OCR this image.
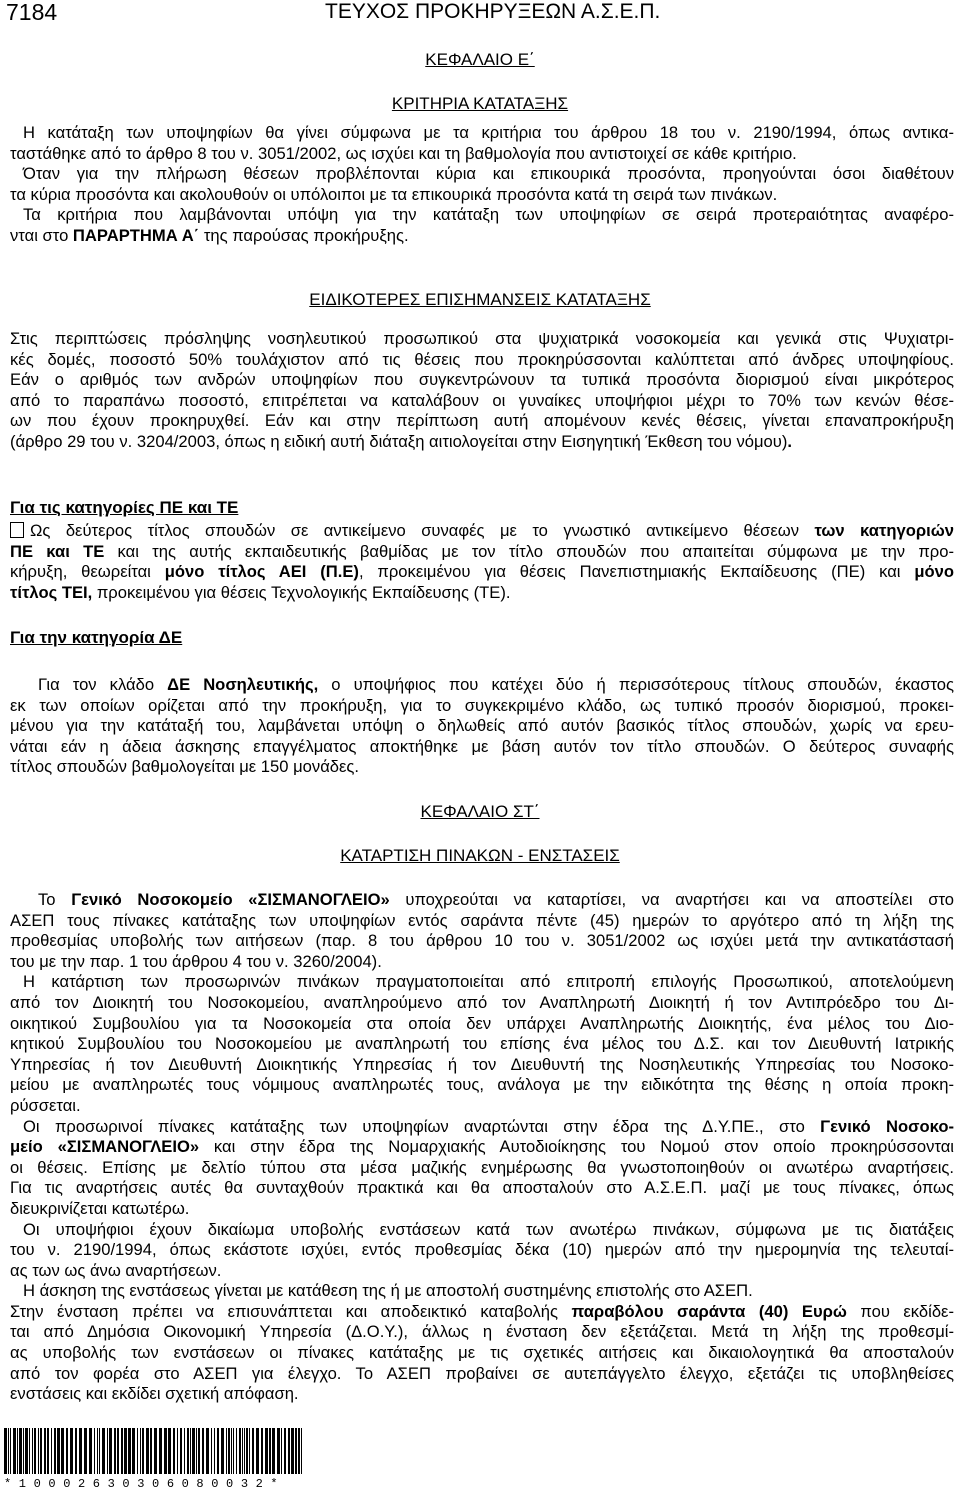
7184	ΤΕΥΧΟΣ ΠΡΟΚΗΡΥΞΕΩΝ Α.Σ.Ε.Π.
ΚΕΦΑΛΑΙΟ Ε΄
ΚΡΙΤΗΡΙΑ ΚΑΤΑΤΑΞΗΣ
Η κατάταξη των υποψηφίων θα γίνει σύμφωνα με τα κριτήρια του άρθρου 18 του ν. 2190/1994, όπως αντικα-
ταστάθηκε από το άρθρο 8 του ν. 3051/2002, ως ισχύει και τη βαθμολογία που αντιστοιχεί σε κάθε κριτήριο.
Όταν για την πλήρωση θέσεων προβλέπονται κύρια και επικουρικά προσόντα, προηγούνται όσοι διαθέτουν
τα κύρια προσόντα και ακολουθούν οι υπόλοιποι με τα επικουρικά προσόντα κατά τη σειρά των πινάκων.
Τα κριτήρια που λαμβάνονται υπόψη για την κατάταξη των υποψηφίων σε σειρά προτεραιότητας αναφέρο-
νται στο ΠΑΡΑΡΤΗΜΑ Α΄ της παρούσας προκήρυξης.
ΕΙΔΙΚΟΤΕΡΕΣ ΕΠΙΣΗΜΑΝΣΕΙΣ ΚΑΤΑΤΑΞΗΣ
Στις περιπτώσεις πρόσληψης νοσηλευτικού προσωπικού στα ψυχιατρικά νοσοκομεία και γενικά στις Ψυχιατρι-
κές δομές, ποσοστό 50% τουλάχιστον από τις θέσεις που προκηρύσσονται καλύπτεται από άνδρες υποψηφίους.
Εάν ο αριθμός των ανδρών υποψηφίων που συγκεντρώνουν τα τυπικά προσόντα διορισμού είναι μικρότερος
από το παραπάνω ποσοστό, επιτρέπεται να καταλάβουν οι γυναίκες υποψήφιοι μέχρι το 70% των κενών θέσε-
ων που έχουν προκηρυχθεί. Εάν και στην περίπτωση αυτή απομένουν κενές θέσεις, γίνεται επαναπροκήρυξη
(άρθρο 29 του ν. 3204/2003, όπως η ειδική αυτή διάταξη αιτιολογείται στην Εισηγητική Έκθεση του νόμου).
Για τις κατηγορίες ΠΕ και ΤΕ
Ως δεύτερος τίτλος σπουδών σε αντικείμενο συναφές με το γνωστικό αντικείμενο θέσεων των κατηγοριών
ΠΕ και ΤΕ και της αυτής εκπαιδευτικής βαθμίδας με τον τίτλο σπουδών που απαιτείται σύμφωνα με την προ-
κήρυξη, θεωρείται μόνο τίτλος ΑΕΙ (Π.Ε), προκειμένου για θέσεις Πανεπιστημιακής Εκπαίδευσης (ΠΕ) και μόνο
τίτλος ΤΕΙ, προκειμένου για θέσεις Τεχνολογικής Εκπαίδευσης (ΤΕ).
Για την κατηγορία ΔΕ
Για τον κλάδο ΔΕ Νοσηλευτικής, ο υποψήφιος που κατέχει δύο ή περισσότερους τίτλους σπουδών, έκαστος
εκ των οποίων ορίζεται από την προκήρυξη, για το συγκεκριμένο κλάδο, ως τυπικό προσόν διορισμού, προκει-
μένου για την κατάταξή του, λαμβάνεται υπόψη ο δηλωθείς από αυτόν βασικός τίτλος σπουδών, χωρίς να ερευ-
νάται εάν η άδεια άσκησης επαγγέλματος αποκτήθηκε με βάση αυτόν τον τίτλο σπουδών. Ο δεύτερος συναφής
τίτλος σπουδών βαθμολογείται με 150 μονάδες.
ΚΕΦΑΛΑΙΟ ΣΤ΄
ΚΑΤΑΡΤΙΣΗ ΠΙΝΑΚΩΝ - ΕΝΣΤΑΣΕΙΣ
Το Γενικό Νοσοκομείο «ΣΙΣΜΑΝΟΓΛΕΙΟ» υποχρεούται να καταρτίσει, να αναρτήσει και να αποστείλει στο
ΑΣΕΠ τους πίνακες κατάταξης των υποψηφίων εντός σαράντα πέντε (45) ημερών το αργότερο από τη λήξη της
προθεσμίας υποβολής των αιτήσεων (παρ. 8 του άρθρου 10 του ν. 3051/2002 ως ισχύει μετά την αντικατάστασή
του με την παρ. 1 του άρθρου 4 του ν. 3260/2004).
Η κατάρτιση των προσωρινών πινάκων πραγματοποιείται από επιτροπή επιλογής Προσωπικού, αποτελούμενη
από τον Διοικητή του Νοσοκομείου, αναπληρούμενο από τον Αναπληρωτή Διοικητή ή τον Αντιπρόεδρο του Δι-
οικητικού Συμβουλίου για τα Νοσοκομεία στα οποία δεν υπάρχει Αναπληρωτής Διοικητής, ένα μέλος του Διο-
κητικού Συμβουλίου του Νοσοκομείου με αναπληρωτή του επίσης ένα μέλος του Δ.Σ. και τον Διευθυντή Ιατρικής
Υπηρεσίας ή τον Διευθυντή Διοικητικής Υπηρεσίας ή τον Διευθυντή της Νοσηλευτικής Υπηρεσίας του Νοσοκο-
μείου με αναπληρωτές τους νόμιμους αναπληρωτές τους, ανάλογα με την ειδικότητα της θέσης η οποία προκη-
ρύσσεται.
Οι προσωρινοί πίνακες κατάταξης των υποψηφίων αναρτώνται στην έδρα της Δ.Υ.ΠΕ., στο Γενικό Νοσοκο-
μείο «ΣΙΣΜΑΝΟΓΛΕΙΟ» και στην έδρα της Νομαρχιακής Αυτοδιοίκησης του Νομού στον οποίο προκηρύσσονται
οι θέσεις. Επίσης με δελτίο τύπου στα μέσα μαζικής ενημέρωσης θα γνωστοποιηθούν οι ανωτέρω αναρτήσεις.
Για τις αναρτήσεις αυτές θα συνταχθούν πρακτικά και θα αποσταλούν στο Α.Σ.Ε.Π. μαζί με τους πίνακες, όπως
διευκρινίζεται κατωτέρω.
Οι υποψήφιοι έχουν δικαίωμα υποβολής ενστάσεων κατά των ανωτέρω πινάκων, σύμφωνα με τις διατάξεις
του ν. 2190/1994, όπως εκάστοτε ισχύει, εντός προθεσμίας δέκα (10) ημερών από την ημερομηνία της τελευταί-
ας των ως άνω αναρτήσεων.
Η άσκηση της ενστάσεως γίνεται με κατάθεση της ή με αποστολή συστημένης επιστολής στο ΑΣΕΠ.
Στην ένσταση πρέπει να επισυνάπτεται και αποδεικτικό καταβολής παραβόλου σαράντα (40) Ευρώ που εκδίδε-
ται από Δημόσια Οικονομική Υπηρεσία (Δ.Ο.Υ.), άλλως η ένσταση δεν εξετάζεται. Μετά τη λήξη της προθεσμί-
ας υποβολής των ενστάσεων οι πίνακες κατάταξης με τις σχετικές αιτήσεις και δικαιολογητικά θα αποσταλούν
από τον φορέα στο ΑΣΕΠ για έλεγχο. Το ΑΣΕΠ προβαίνει σε αυτεπάγγελτο έλεγχο, εξετάζει τις υποβληθείσες
ενστάσεις και εκδίδει σχετική απόφαση.
*10002630306080032*
